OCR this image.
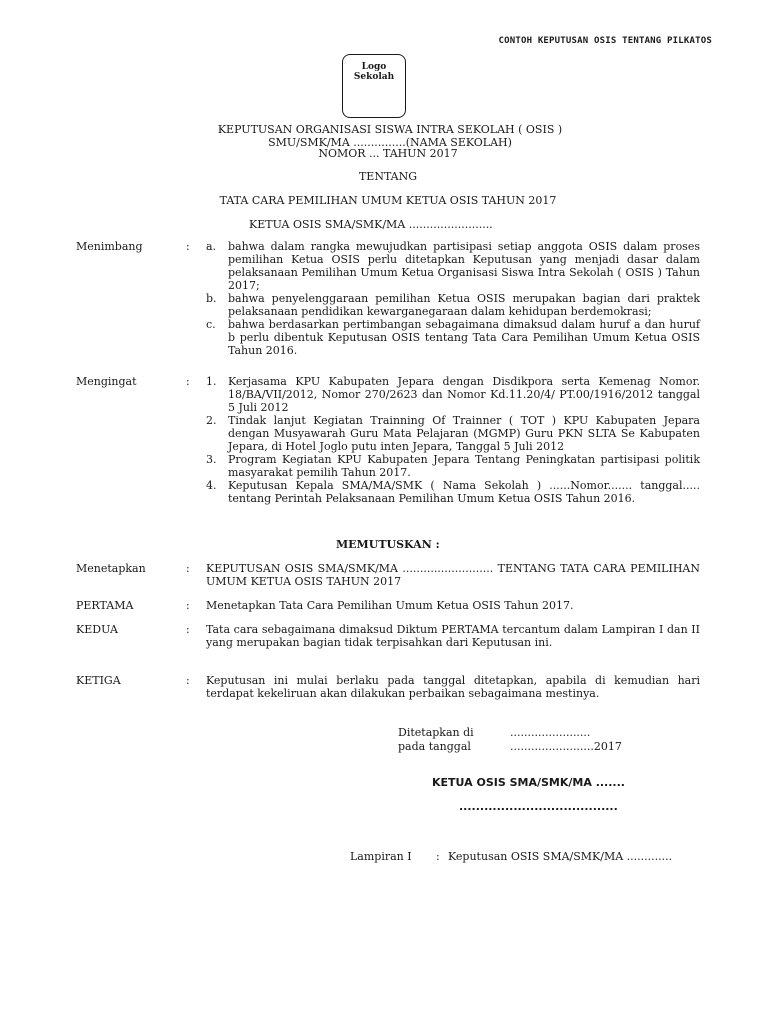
CONTOH KEPUTUSAN OSIS TENTANG PILKATOS
Logo
Sekolah
KEPUTUSAN ORGANISASI SISWA INTRA SEKOLAH ( OSIS )
SMU/SMK/MA ...............(NAMA SEKOLAH)
NOMOR ... TAHUN 2017
TENTANG
TATA CARA PEMILIHAN UMUM KETUA OSIS TAHUN 2017
KETUA OSIS SMA/SMK/MA ........................
Menimbang	: a. bahwa dalam rangka mewujudkan partisipasi setiap anggota OSIS dalam proses pemilihan Ketua OSIS perlu ditetapkan Keputusan yang menjadi dasar dalam pelaksanaan Pemilihan Umum Ketua Organisasi Siswa Intra Sekolah ( OSIS ) Tahun 2017;
b. bahwa penyelenggaraan pemilihan Ketua OSIS merupakan bagian dari praktek pelaksanaan pendidikan kewarganegaraan dalam kehidupan berdemokrasi;
c. bahwa berdasarkan pertimbangan sebagaimana dimaksud dalam huruf a dan huruf b perlu dibentuk Keputusan OSIS tentang Tata Cara Pemilihan Umum Ketua OSIS Tahun 2016.
Mengingat	: 1. Kerjasama KPU Kabupaten Jepara dengan Disdikpora serta Kemenag Nomor. 18/BA/VII/2012, Nomor 270/2623 dan Nomor Kd.11.20/4/ PT.00/1916/2012 tanggal 5 Juli 2012
2. Tindak lanjut Kegiatan Trainning Of Trainner ( TOT ) KPU Kabupaten Jepara dengan Musyawarah Guru Mata Pelajaran (MGMP) Guru PKN SLTA Se Kabupaten Jepara, di Hotel Joglo putu inten Jepara, Tanggal 5 Juli 2012
3. Program Kegiatan KPU Kabupaten Jepara Tentang Peningkatan partisipasi politik masyarakat pemilih Tahun 2017.
4. Keputusan Kepala SMA/MA/SMK ( Nama Sekolah ) ......Nomor....... tanggal..... tentang Perintah Pelaksanaan Pemilihan Umum Ketua OSIS Tahun 2016.
MEMUTUSKAN :
Menetapkan	: KEPUTUSAN OSIS SMA/SMK/MA .......................... TENTANG TATA CARA PEMILIHAN UMUM KETUA OSIS TAHUN 2017
PERTAMA	: Menetapkan Tata Cara Pemilihan Umum Ketua OSIS Tahun 2017.
KEDUA	: Tata cara sebagaimana dimaksud Diktum PERTAMA tercantum dalam Lampiran I dan II yang merupakan bagian tidak terpisahkan dari Keputusan ini.
KETIGA	: Keputusan ini mulai berlaku pada tanggal ditetapkan, apabila di kemudian hari terdapat kekeliruan akan dilakukan perbaikan sebagaimana mestinya.
Ditetapkan di	.......................
pada tanggal	........................2017
KETUA OSIS SMA/SMK/MA .......
......................................
Lampiran I : Keputusan OSIS SMA/SMK/MA .............
